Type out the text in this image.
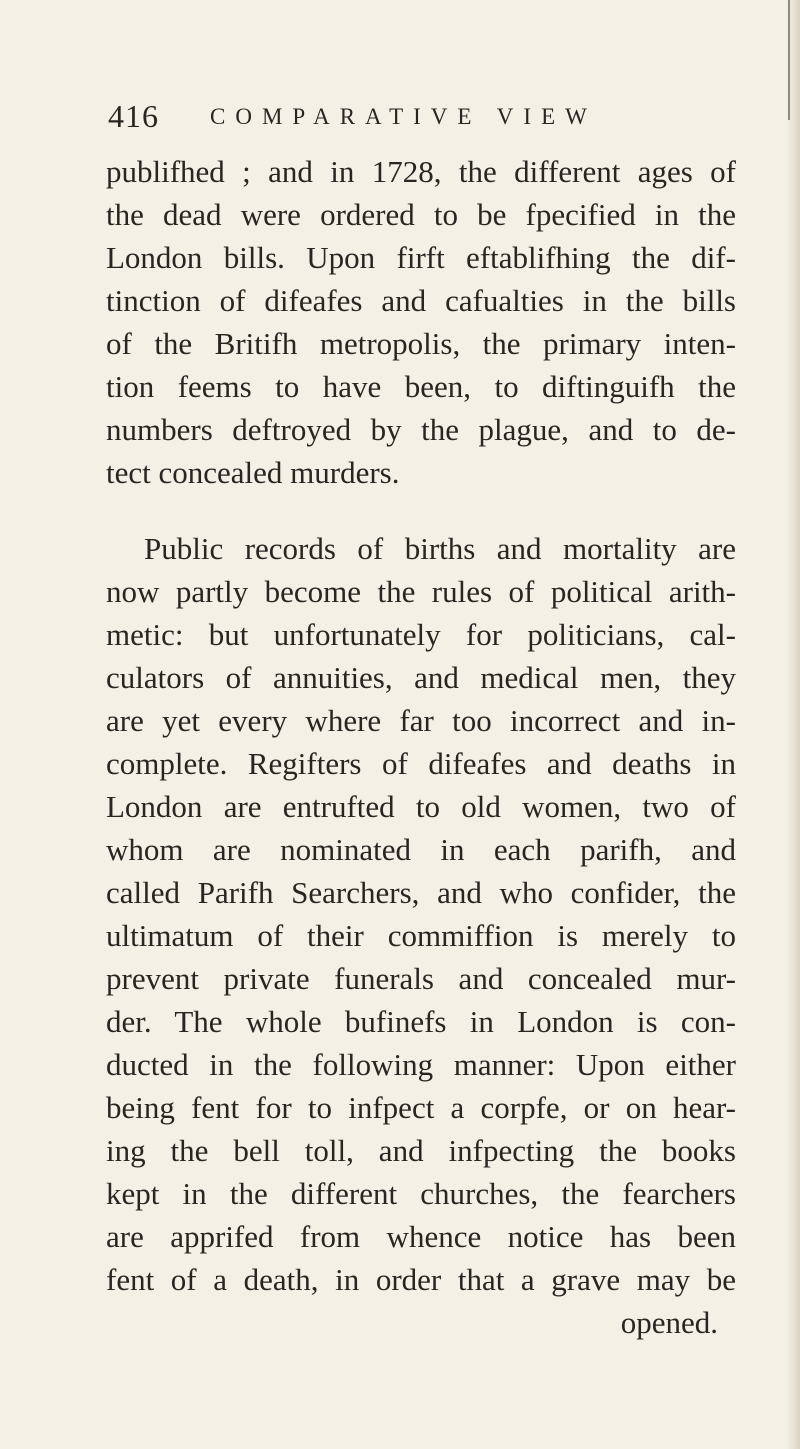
416 COMPARATIVE VIEW
publifhed ; and in 1728, the different ages of
the dead were ordered to be fpecified in the
London bills. Upon firft eftablifhing the dif-
tinction of difeafes and cafualties in the bills
of the Britifh metropolis, the primary inten-
tion feems to have been, to diftinguifh the
numbers deftroyed by the plague, and to de-
tect concealed murders.
Public records of births and mortality are
now partly become the rules of political arith-
metic: but unfortunately for politicians, cal-
culators of annuities, and medical men, they
are yet every where far too incorrect and in-
complete. Regifters of difeafes and deaths in
London are entrufted to old women, two of
whom are nominated in each parifh, and
called Parifh Searchers, and who confider, the
ultimatum of their commiffion is merely to
prevent private funerals and concealed mur-
der. The whole bufinefs in London is con-
ducted in the following manner: Upon either
being fent for to infpect a corpfe, or on hear-
ing the bell toll, and infpecting the books
kept in the different churches, the fearchers
are apprifed from whence notice has been
fent of a death, in order that a grave may be
opened.
